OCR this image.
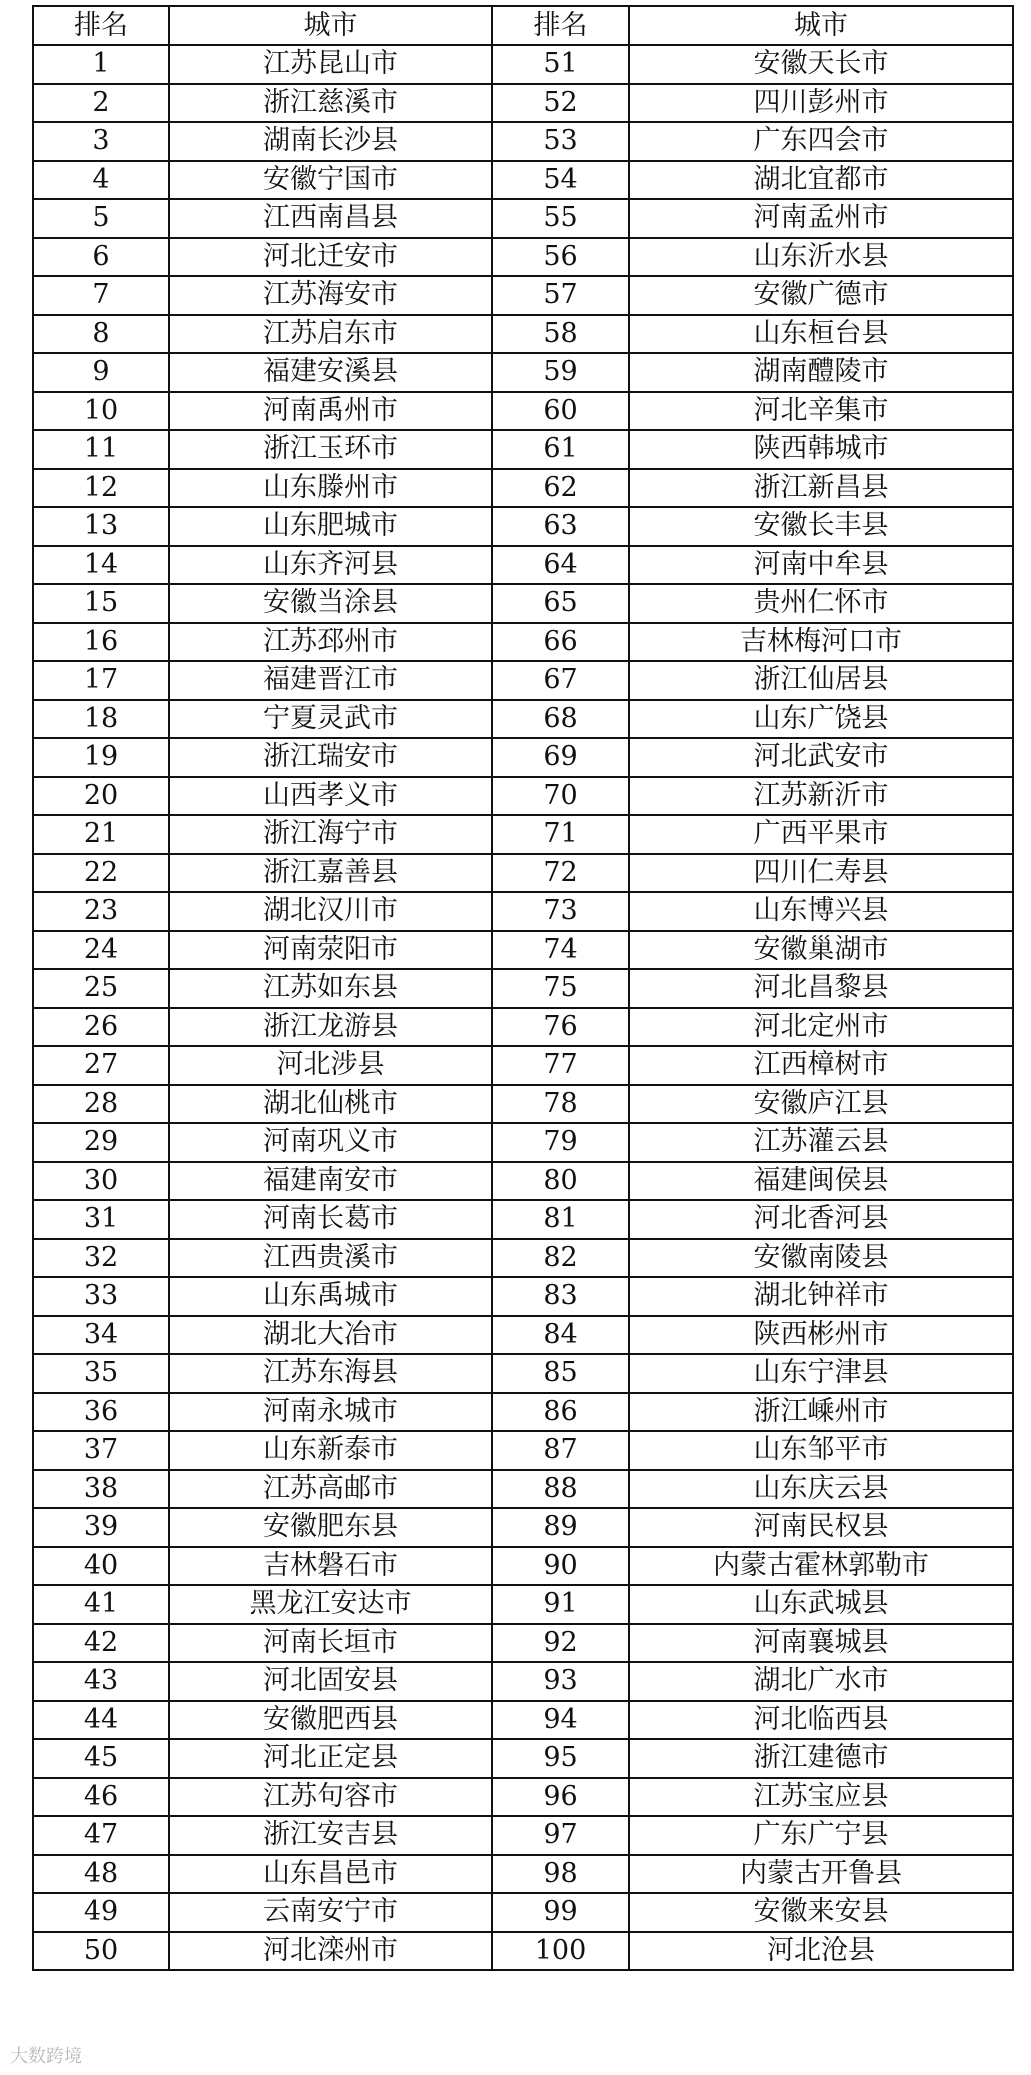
排名	城市	排名	城市
1	江苏昆山市	51	安徽天长市
2	浙江慈溪市	52	四川彭州市
3	湖南长沙县	53	广东四会市
4	安徽宁国市	54	湖北宜都市
5	江西南昌县	55	河南孟州市
6	河北迁安市	56	山东沂水县
7	江苏海安市	57	安徽广德市
8	江苏启东市	58	山东桓台县
9	福建安溪县	59	湖南醴陵市
10	河南禹州市	60	河北辛集市
11	浙江玉环市	61	陕西韩城市
12	山东滕州市	62	浙江新昌县
13	山东肥城市	63	安徽长丰县
14	山东齐河县	64	河南中牟县
15	安徽当涂县	65	贵州仁怀市
16	江苏邳州市	66	吉林梅河口市
17	福建晋江市	67	浙江仙居县
18	宁夏灵武市	68	山东广饶县
19	浙江瑞安市	69	河北武安市
20	山西孝义市	70	江苏新沂市
21	浙江海宁市	71	广西平果市
22	浙江嘉善县	72	四川仁寿县
23	湖北汉川市	73	山东博兴县
24	河南荥阳市	74	安徽巢湖市
25	江苏如东县	75	河北昌黎县
26	浙江龙游县	76	河北定州市
27	河北涉县	77	江西樟树市
28	湖北仙桃市	78	安徽庐江县
29	河南巩义市	79	江苏灌云县
30	福建南安市	80	福建闽侯县
31	河南长葛市	81	河北香河县
32	江西贵溪市	82	安徽南陵县
33	山东禹城市	83	湖北钟祥市
34	湖北大冶市	84	陕西彬州市
35	江苏东海县	85	山东宁津县
36	河南永城市	86	浙江嵊州市
37	山东新泰市	87	山东邹平市
38	江苏高邮市	88	山东庆云县
39	安徽肥东县	89	河南民权县
40	吉林磐石市	90	内蒙古霍林郭勒市
41	黑龙江安达市	91	山东武城县
42	河南长垣市	92	河南襄城县
43	河北固安县	93	湖北广水市
44	安徽肥西县	94	河北临西县
45	河北正定县	95	浙江建德市
46	江苏句容市	96	江苏宝应县
47	浙江安吉县	97	广东广宁县
48	山东昌邑市	98	内蒙古开鲁县
49	云南安宁市	99	安徽来安县
50	河北滦州市	100	河北沧县
大数跨境
